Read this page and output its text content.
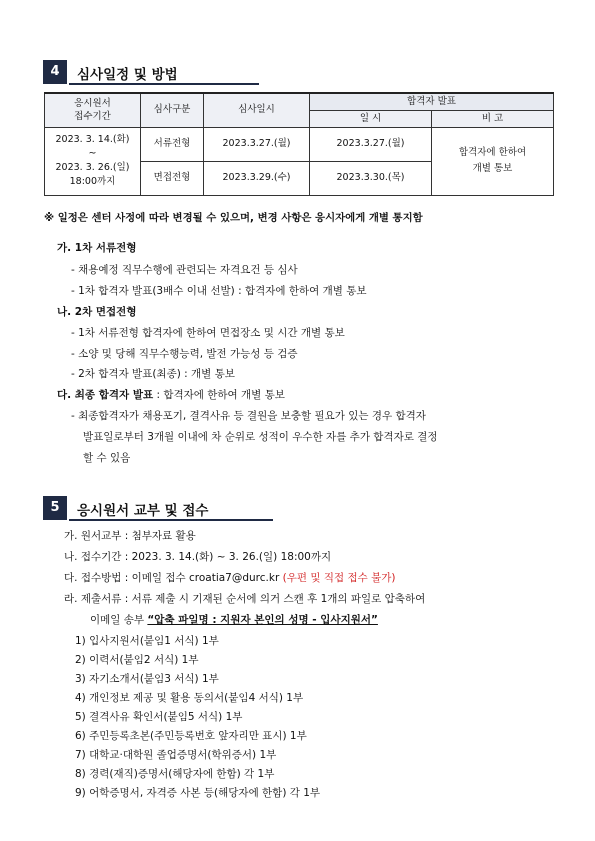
4	심사일정 및 방법
응시원서
접수기간	심사구분	심사일시	합격자 발표	
			일 시	비 고
2023. 3. 14.(화)
~
2023. 3. 26.(일)
18:00까지	서류전형	2023.3.27.(월)	2023.3.27.(월)	합격자에 한하여
개별 통보
	면접전형	2023.3.29.(수)	2023.3.30.(목)	
※ 일정은 센터 사정에 따라 변경될 수 있으며, 변경 사항은 응시자에게 개별 통지함
가. 1차 서류전형
- 채용예정 직무수행에 관련되는 자격요건 등 심사
- 1차 합격자 발표(3배수 이내 선발) : 합격자에 한하여 개별 통보
나. 2차 면접전형
- 1차 서류전형 합격자에 한하여 면접장소 및 시간 개별 통보
- 소양 및 당해 직무수행능력, 발전 가능성 등 검증
- 2차 합격자 발표(최종) : 개별 통보
다. 최종 합격자 발표 : 합격자에 한하여 개별 통보
- 최종합격자가 채용포기, 결격사유 등 결원을 보충할 필요가 있는 경우 합격자
발표일로부터 3개월 이내에 차 순위로 성적이 우수한 자를 추가 합격자로 결정
할 수 있음
5	응시원서 교부 및 접수
가. 원서교부 : 첨부자료 활용
나. 접수기간 : 2023. 3. 14.(화) ~ 3. 26.(일) 18:00까지
다. 접수방법 : 이메일 접수 croatia7@durc.kr (우편 및 직접 접수 불가)
라. 제출서류 : 서류 제출 시 기재된 순서에 의거 스캔 후 1개의 파일로 압축하여
이메일 송부 “압축 파일명 : 지원자 본인의 성명 - 입사지원서”
1) 입사지원서(붙임1 서식) 1부
2) 이력서(붙임2 서식) 1부
3) 자기소개서(붙임3 서식) 1부
4) 개인정보 제공 및 활용 동의서(붙임4 서식) 1부
5) 결격사유 확인서(붙임5 서식) 1부
6) 주민등록초본(주민등록번호 앞자리만 표시) 1부
7) 대학교·대학원 졸업증명서(학위증서) 1부
8) 경력(재직)증명서(해당자에 한함) 각 1부
9) 어학증명서, 자격증 사본 등(해당자에 한함) 각 1부
